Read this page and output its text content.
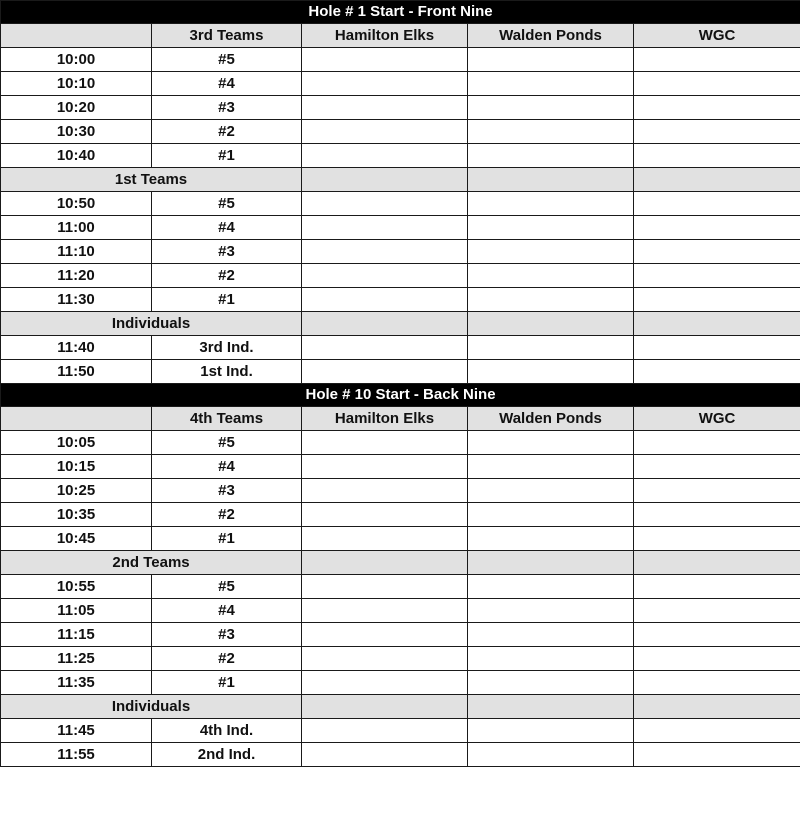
Hole # 1 Start - Front Nine				
	3rd Teams	Hamilton Elks	Walden Ponds	WGC
10:00	#5			
10:10	#4			
10:20	#3			
10:30	#2			
10:40	#1			
1st Teams				
10:50	#5			
11:00	#4			
11:10	#3			
11:20	#2			
11:30	#1			
Individuals				
11:40	3rd Ind.			
11:50	1st Ind.			
Hole # 10 Start - Back Nine				
	4th Teams	Hamilton Elks	Walden Ponds	WGC
10:05	#5			
10:15	#4			
10:25	#3			
10:35	#2			
10:45	#1			
2nd Teams				
10:55	#5			
11:05	#4			
11:15	#3			
11:25	#2			
11:35	#1			
Individuals				
11:45	4th Ind.			
11:55	2nd Ind.			
